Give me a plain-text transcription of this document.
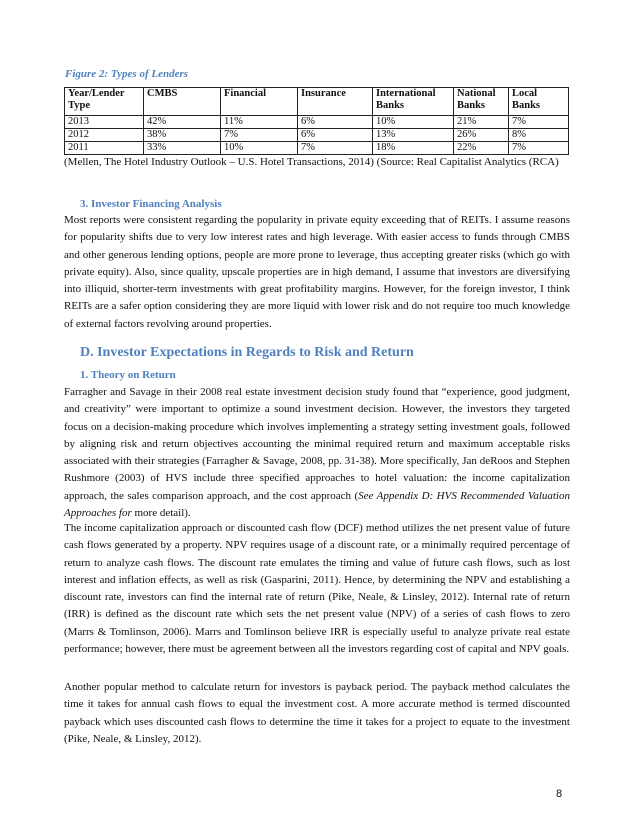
Figure 2: Types of Lenders
Year/Lender Type	CMBS	Financial	Insurance	International Banks	National Banks	Local Banks
2013	42%	11%	6%	10%	21%	7%
2012	38%	7%	6%	13%	26%	8%
2011	33%	10%	7%	18%	22%	7%

(Mellen, The Hotel Industry Outlook – U.S. Hotel Transactions, 2014) (Source: Real Capitalist Analytics (RCA)

3. Investor Financing Analysis

Most reports were consistent regarding the popularity in private equity exceeding that of REITs. I assume reasons for popularity shifts due to very low interest rates and high leverage. With easier access to funds through CMBS and other generous lending options, people are more prone to leverage, thus accepting greater risks (which go with private equity). Also, since quality, upscale properties are in high demand, I assume that investors are diversifying into illiquid, shorter-term investments with great profitability margins. However, for the foreign investor, I think REITs are a safer option considering they are more liquid with lower risk and do not require too much knowledge of external factors revolving around properties.

D. Investor Expectations in Regards to Risk and Return
1. Theory on Return

Farragher and Savage in their 2008 real estate investment decision study found that “experience, good judgment, and creativity” were important to optimize a sound investment decision. However, the investors they targeted focus on a decision-making procedure which involves implementing a strategy setting investment goals, followed by aligning risk and return objectives accounting the minimal required return and maximum acceptable risks associated with their strategies (Farragher & Savage, 2008, pp. 31-38). More specifically, Jan deRoos and Stephen Rushmore (2003) of HVS include three specified approaches to hotel valuation: the income capitalization approach, the sales comparison approach, and the cost approach (See Appendix D: HVS Recommended Valuation Approaches for more detail).

The income capitalization approach or discounted cash flow (DCF) method utilizes the net present value of future cash flows generated by a property. NPV requires usage of a discount rate, or a minimally required percentage of return to analyze cash flows. The discount rate emulates the timing and value of future cash flows, such as lost interest and inflation effects, as well as risk (Gasparini, 2011). Hence, by determining the NPV and establishing a discount rate, investors can find the internal rate of return (Pike, Neale, & Linsley, 2012). Internal rate of return (IRR) is defined as the discount rate which sets the net present value (NPV) of a series of cash flows to zero (Marrs & Tomlinson, 2006). Marrs and Tomlinson believe IRR is especially useful to analyze private real estate performance; however, there must be agreement between all the investors regarding cost of capital and NPV goals.

Another popular method to calculate return for investors is payback period. The payback method calculates the time it takes for annual cash flows to equal the investment cost. A more accurate method is termed discounted payback which uses discounted cash flows to determine the time it takes for a project to equate to the investment (Pike, Neale, & Linsley, 2012).

8
